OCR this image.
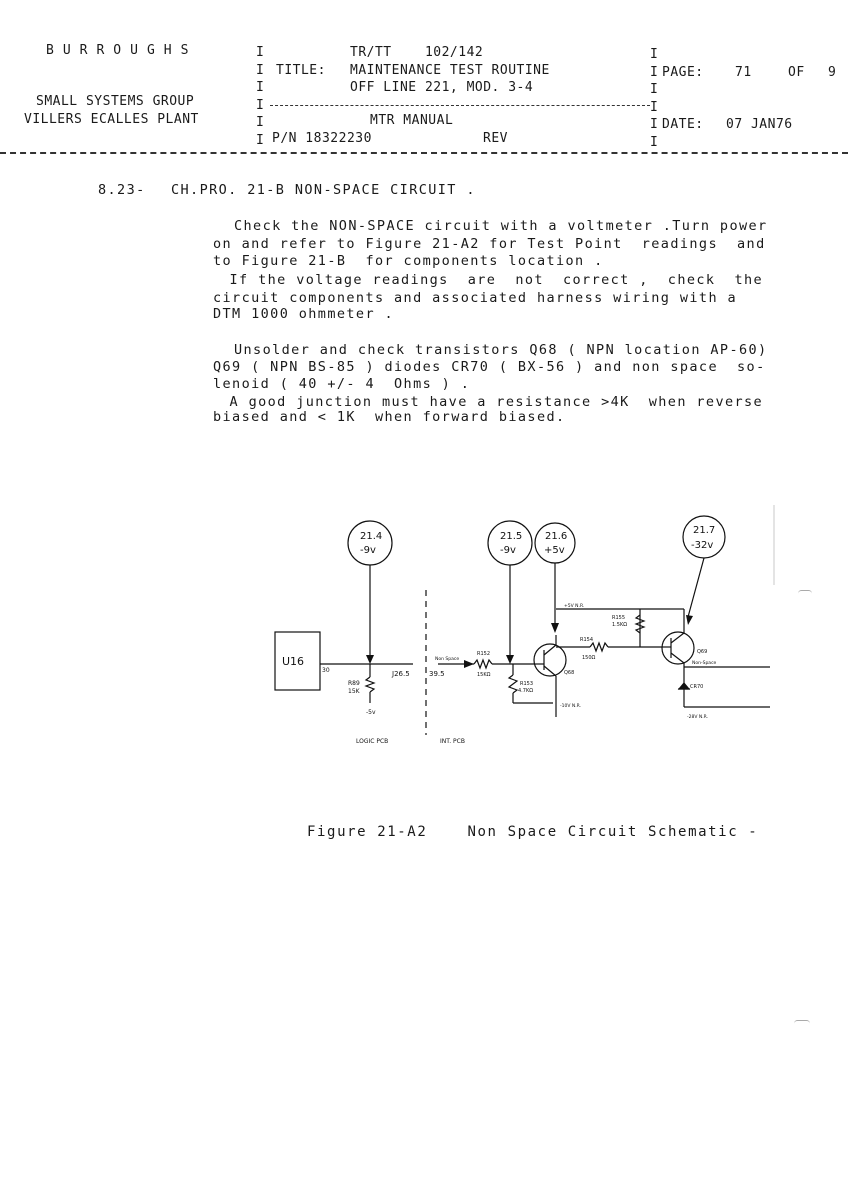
BURROUGHS
SMALL SYSTEMS GROUP
VILLERS ECALLES PLANT
I
I
I
I
I
I
TR/TT    102/142
TITLE: MAINTENANCE TEST ROUTINE
OFF LINE 221, MOD. 3-4
MTR MANUAL
P/N 18322230	REV
I
I
I
I
I
I
PAGE: 71	OF 9
DATE: 07 JAN76
8.23- CH.PRO. 21-B NON-SPACE CIRCUIT .
Check the NON-SPACE circuit with a voltmeter .Turn power
on and refer to Figure 21-A2 for Test Point  readings  and
to Figure 21-B  for components location .
If the voltage readings  are  not  correct ,  check  the
circuit components and associated harness wiring with a
DTM 1000 ohmmeter .
Unsolder and check transistors Q68 ( NPN location AP-60)
Q69 ( NPN BS-85 ) diodes CR70 ( BX-56 ) and non space  so-
lenoid ( 40 +/- 4  Ohms ) .
A good junction must have a resistance >4K  when reverse
biased and < 1K  when forward biased.
21.4
-9v
21.5
-9v
21.6
+5v
21.7
-32v
U16
30
R89
15K
-5v
J26.5	39.5
Non Space
R152
15KΩ
R153
4.7KΩ
Q68
-10V N.R.
+5V N.R.
R155
1.5KΩ
R154
150Ω
Q69
Non-Space
CR70
-28V N.R.
LOGIC PCB	INT. PCB
Figure 21-A2    Non Space Circuit Schematic -
